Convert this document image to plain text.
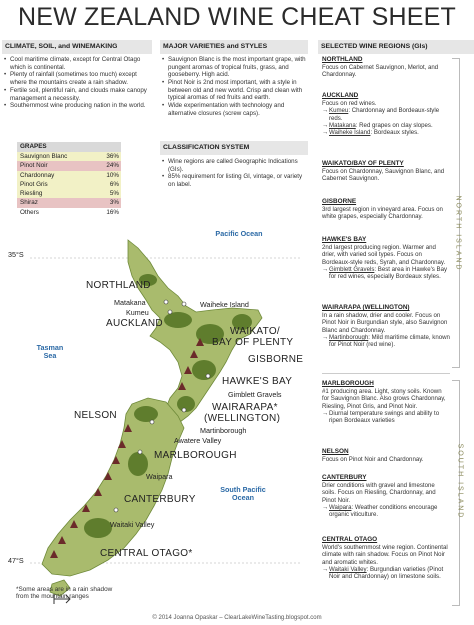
NEW ZEALAND WINE CHEAT SHEET
CLIMATE, SOIL, and WINEMAKING
• Cool maritime climate, except for Central Otago which is continental.
• Plenty of rainfall (sometimes too much) except where the mountains create a rain shadow.
• Fertile soil, plentiful rain, and clouds make canopy management a necessity.
• Southernmost wine producing nation in the world.
GRAPES
Sauvignon Blanc	36%
Pinot Noir	24%
Chardonnay	10%
Pinot Gris	6%
Riesling	5%
Shiraz	3%
Others	16%
MAJOR VARIETIES and STYLES
• Sauvignon Blanc is the most important grape, with pungent aromas of tropical fruits, grass, and gooseberry. High acid.
• Pinot Noir is 2nd most important, with a style in between old and new world. Crisp and clean with typical aromas of red fruits and earth.
• Wide experimentation with technology and alternative closures (screw caps).
CLASSIFICATION SYSTEM
• Wine regions are called Geographic Indications (GIs).
• 85% requirement for listing GI, vintage, or variety on label.
35°S
47°S
Pacific Ocean
Tasman Sea
South Pacific Ocean
NORTHLAND
Matakana
Kumeu
Waiheke Island
AUCKLAND
WAIKATO/
BAY OF PLENTY
GISBORNE
HAWKE'S BAY
Gimblett Gravels
WAIRARAPA*
(WELLINGTON)
Martinborough
NELSON
Awatere Valley
MARLBOROUGH
Waipara
CANTERBURY
Waitaki Valley
CENTRAL OTAGO*
*Some areas are in a rain shadow
from the mountain ranges
SELECTED WINE REGIONS (GIs)
NORTHLAND
Focus on Cabernet Sauvignon, Merlot, and Chardonnay.
AUCKLAND
Focus on red wines.
→ Kumeu: Chardonnay and Bordeaux-style reds.
→ Matakana: Red grapes on clay slopes.
→ Waiheke Island: Bordeaux styles.
WAIKATO/BAY OF PLENTY
Focus on Chardonnay, Sauvignon Blanc, and Cabernet Sauvignon.
GISBORNE
3rd largest region in vineyard area. Focus on white grapes, especially Chardonnay.
HAWKE'S BAY
2nd largest producing region. Warmer and drier, with varied soil types. Focus on Bordeaux-style reds, Syrah, and Chardonnay.
→ Gimblett Gravels: Best area in Hawke's Bay for red wines, especially Bordeaux styles.
WAIRARAPA (WELLINGTON)
In a rain shadow, drier and cooler. Focus on Pinot Noir in Burgundian style, also Sauvignon Blanc and Chardonnay.
→ Martinborough: Mild maritime climate, known for Pinot Noir (red wine).
MARLBOROUGH
#1 producing area. Light, stony soils. Known for Sauvignon Blanc. Also grows Chardonnay, Riesling, Pinot Gris, and Pinot Noir.
→ Diurnal temperature swings and ability to ripen Bordeaux varieties
NELSON
Focus on Pinot Noir and Chardonnay.
CANTERBURY
Drier conditions with gravel and limestone soils. Focus on Riesling, Chardonnay, and Pinot Noir.
→ Waipara: Weather conditions encourage organic viticulture.
CENTRAL OTAGO
World's southernmost wine region. Continental climate with rain shadow. Focus on Pinot Noir and aromatic whites.
→ Waitaki Valley: Burgundian varieties (Pinot Noir and Chardonnay) on limestone soils.
NORTH ISLAND
SOUTH ISLAND
© 2014 Joanna Opaskar – ClearLakeWineTasting.blogspot.com
